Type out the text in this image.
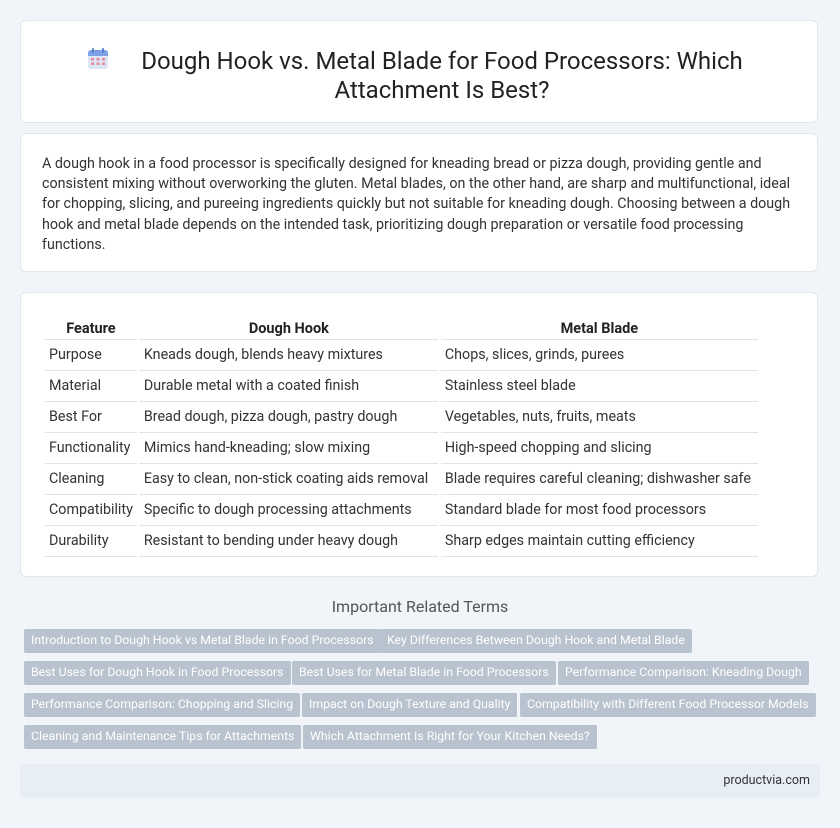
Dough Hook vs. Metal Blade for Food Processors: Which Attachment Is Best?

A dough hook in a food processor is specifically designed for kneading bread or pizza dough, providing gentle and consistent mixing without overworking the gluten. Metal blades, on the other hand, are sharp and multifunctional, ideal for chopping, slicing, and pureeing ingredients quickly but not suitable for kneading dough. Choosing between a dough hook and metal blade depends on the intended task, prioritizing dough preparation or versatile food processing functions.

Feature	Dough Hook	Metal Blade
Purpose	Kneads dough, blends heavy mixtures	Chops, slices, grinds, purees
Material	Durable metal with a coated finish	Stainless steel blade
Best For	Bread dough, pizza dough, pastry dough	Vegetables, nuts, fruits, meats
Functionality	Mimics hand-kneading; slow mixing	High-speed chopping and slicing
Cleaning	Easy to clean, non-stick coating aids removal	Blade requires careful cleaning; dishwasher safe
Compatibility	Specific to dough processing attachments	Standard blade for most food processors
Durability	Resistant to bending under heavy dough	Sharp edges maintain cutting efficiency
Important Related Terms
Introduction to Dough Hook vs Metal Blade in Food Processors	Key Differences Between Dough Hook and Metal Blade
Best Uses for Dough Hook in Food Processors	Best Uses for Metal Blade in Food Processors	Performance Comparison: Kneading Dough
Performance Comparison: Chopping and Slicing	Impact on Dough Texture and Quality	Compatibility with Different Food Processor Models
Cleaning and Maintenance Tips for Attachments	Which Attachment Is Right for Your Kitchen Needs?
productvia.com
